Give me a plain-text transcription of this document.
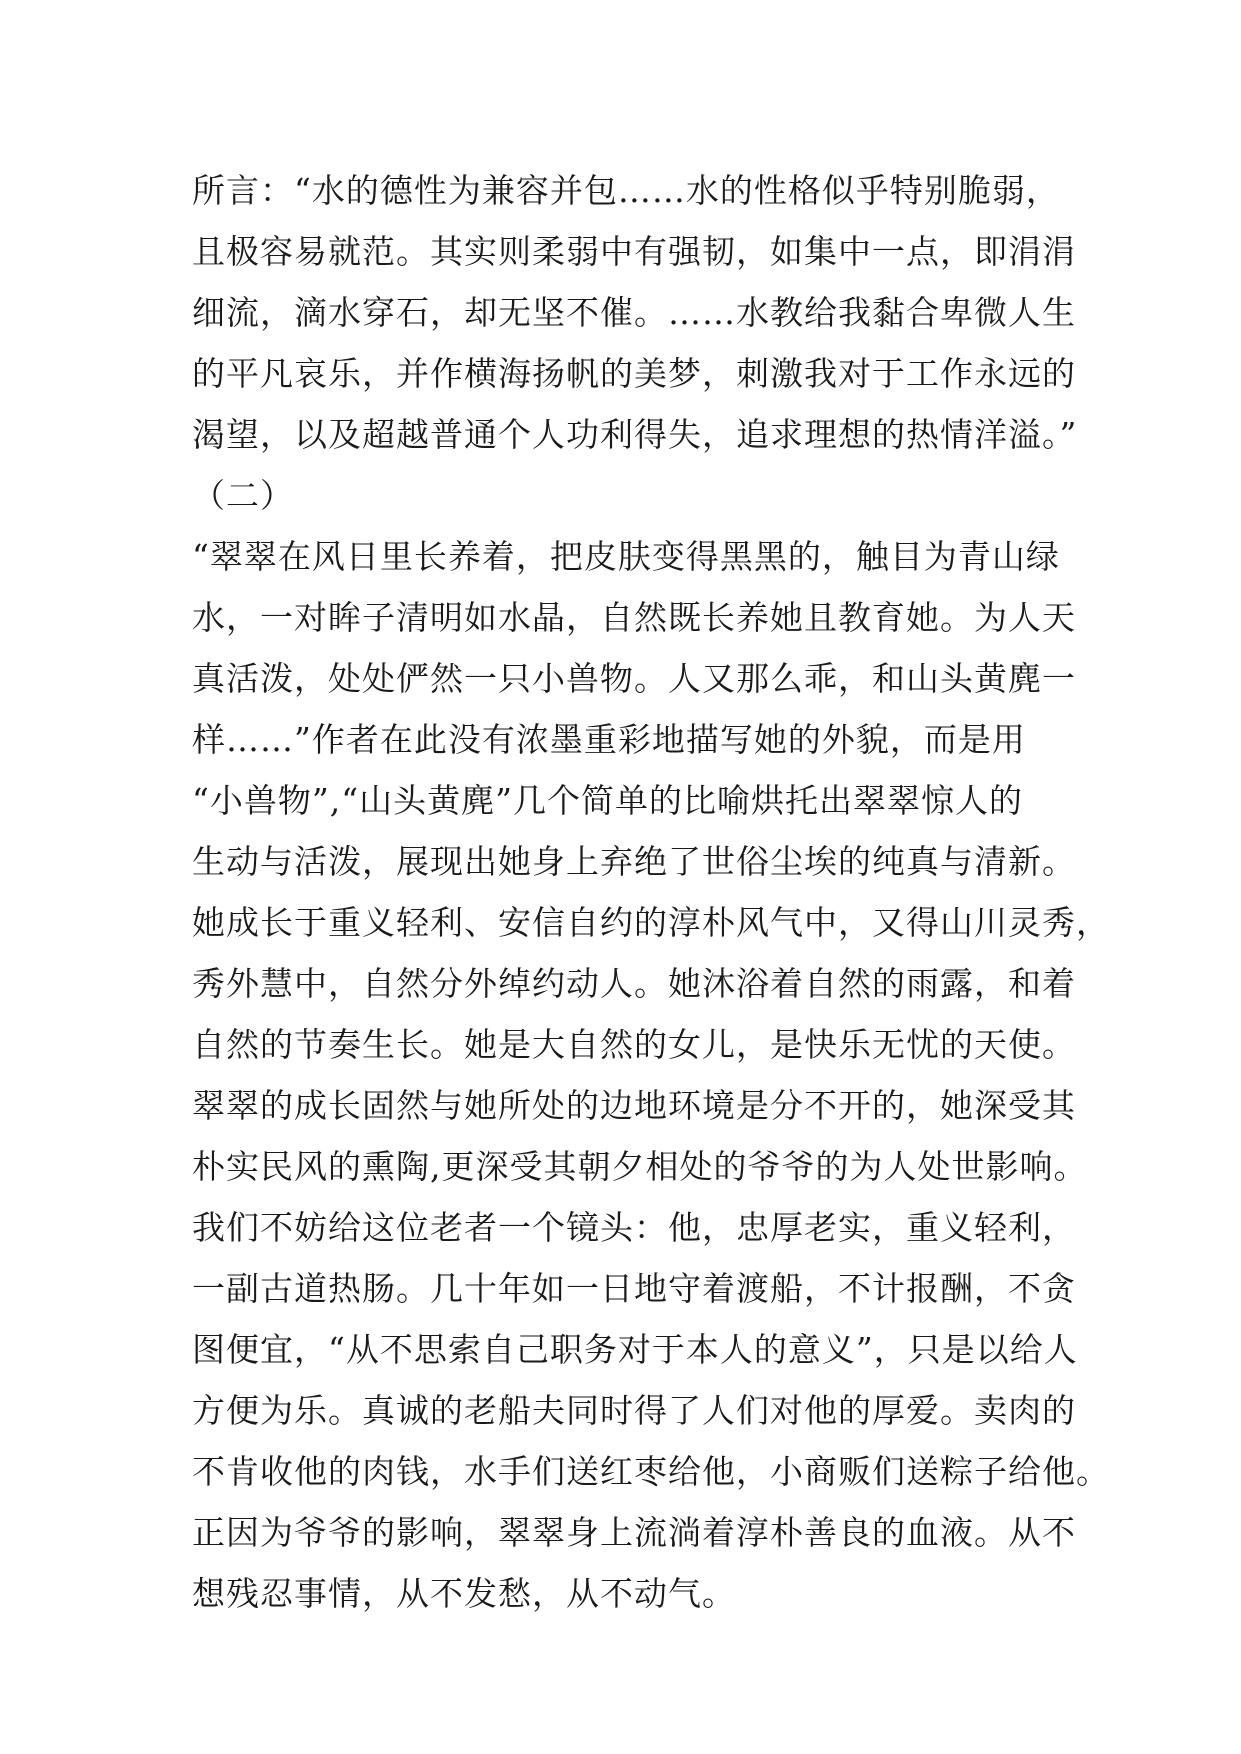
所言：“水的德性为兼容并包……水的性格似乎特别脆弱，
且极容易就范。其实则柔弱中有强韧，如集中一点，即涓涓
细流，滴水穿石，却无坚不催。……水教给我黏合卑微人生
的平凡哀乐，并作横海扬帆的美梦，刺激我对于工作永远的
渴望，以及超越普通个人功利得失，追求理想的热情洋溢。”
（二）
“翠翠在风日里长养着，把皮肤变得黑黑的，触目为青山绿
水，一对眸子清明如水晶，自然既长养她且教育她。为人天
真活泼，处处俨然一只小兽物。人又那么乖，和山头黄麂一
样……”作者在此没有浓墨重彩地描写她的外貌，而是用
“小兽物”,“山头黄麂”几个简单的比喻烘托出翠翠惊人的
生动与活泼，展现出她身上弃绝了世俗尘埃的纯真与清新。
她成长于重义轻利、安信自约的淳朴风气中，又得山川灵秀，
秀外慧中，自然分外绰约动人。她沐浴着自然的雨露，和着
自然的节奏生长。她是大自然的女儿，是快乐无忧的天使。
翠翠的成长固然与她所处的边地环境是分不开的，她深受其
朴实民风的熏陶,更深受其朝夕相处的爷爷的为人处世影响。
我们不妨给这位老者一个镜头：他，忠厚老实，重义轻利，
一副古道热肠。几十年如一日地守着渡船，不计报酬，不贪
图便宜，“从不思索自己职务对于本人的意义”，只是以给人
方便为乐。真诚的老船夫同时得了人们对他的厚爱。卖肉的
不肯收他的肉钱，水手们送红枣给他，小商贩们送粽子给他。
正因为爷爷的影响，翠翠身上流淌着淳朴善良的血液。从不
想残忍事情，从不发愁，从不动气。
